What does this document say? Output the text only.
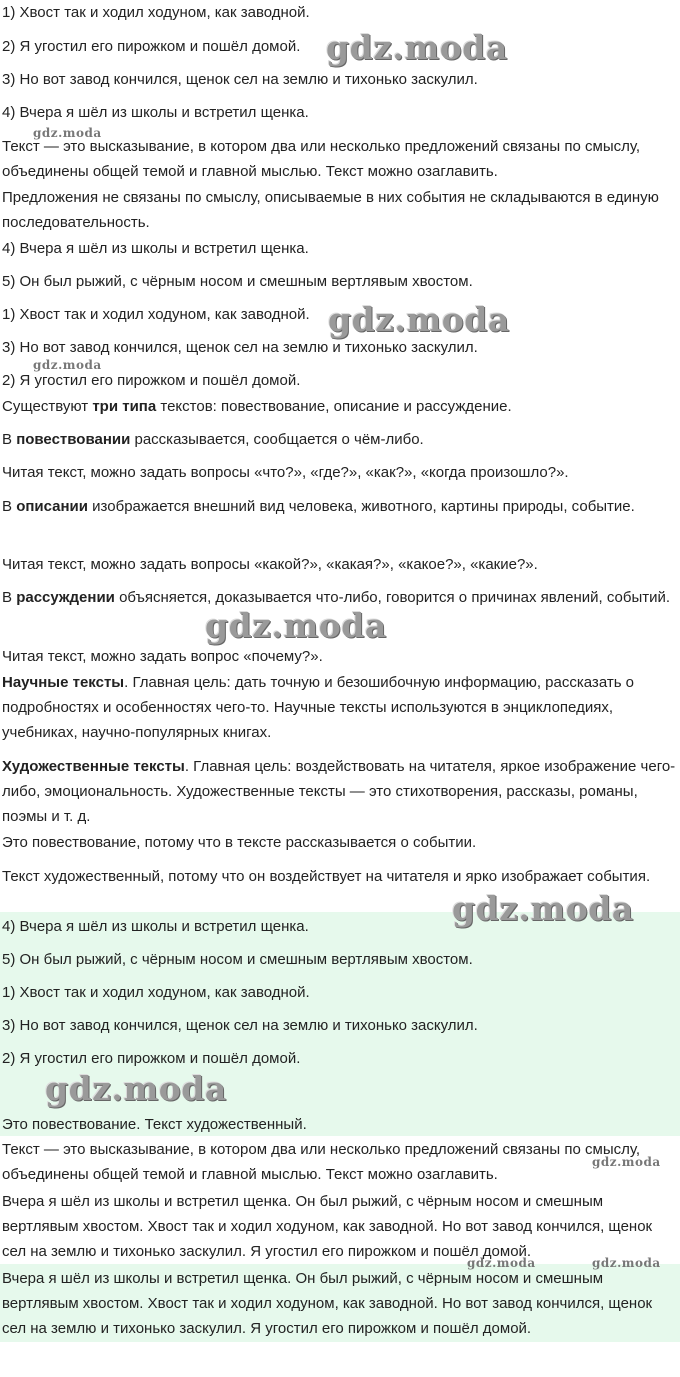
1) Хвост так и ходил ходуном, как заводной.

2) Я угостил его пирожком и пошёл домой.

3) Но вот завод кончился, щенок сел на землю и тихонько заскулил.

4) Вчера я шёл из школы и встретил щенка.

Текст — это высказывание, в котором два или несколько предложений связаны по смыслу, объединены общей темой и главной мыслью. Текст можно озаглавить.

Предложения не связаны по смыслу, описываемые в них события не складываются в единую последовательность.

4) Вчера я шёл из школы и встретил щенка.

5) Он был рыжий, с чёрным носом и смешным вертлявым хвостом.

1) Хвост так и ходил ходуном, как заводной.

3) Но вот завод кончился, щенок сел на землю и тихонько заскулил.

2) Я угостил его пирожком и пошёл домой.

Существуют три типа текстов: повествование, описание и рассуждение.

В повествовании рассказывается, сообщается о чём-либо.

Читая текст, можно задать вопросы «что?», «где?», «как?», «когда произошло?».

В описании изображается внешний вид человека, животного, картины природы, событие.

Читая текст, можно задать вопросы «какой?», «какая?», «какое?», «какие?».

В рассуждении объясняется, доказывается что-либо, говорится о причинах явлений, событий.

Читая текст, можно задать вопрос «почему?».

Научные тексты. Главная цель: дать точную и безошибочную информацию, рассказать о подробностях и особенностях чего-то. Научные тексты используются в энциклопедиях, учебниках, научно-популярных книгах.

Художественные тексты. Главная цель: воздействовать на читателя, яркое изображение чего-либо, эмоциональность. Художественные тексты — это стихотворения, рассказы, романы, поэмы и т. д.

Это повествование, потому что в тексте рассказывается о событии.

Текст художественный, потому что он воздействует на читателя и ярко изображает события.

4) Вчера я шёл из школы и встретил щенка.

5) Он был рыжий, с чёрным носом и смешным вертлявым хвостом.

1) Хвост так и ходил ходуном, как заводной.

3) Но вот завод кончился, щенок сел на землю и тихонько заскулил.

2) Я угостил его пирожком и пошёл домой.

Это повествование. Текст художественный.

Текст — это высказывание, в котором два или несколько предложений связаны по смыслу, объединены общей темой и главной мыслью. Текст можно озаглавить.

Вчера я шёл из школы и встретил щенка. Он был рыжий, с чёрным носом и смешным вертлявым хвостом. Хвост так и ходил ходуном, как заводной. Но вот завод кончился, щенок сел на землю и тихонько заскулил. Я угостил его пирожком и пошёл домой.

Вчера я шёл из школы и встретил щенка. Он был рыжий, с чёрным носом и смешным вертлявым хвостом. Хвост так и ходил ходуном, как заводной. Но вот завод кончился, щенок сел на землю и тихонько заскулил. Я угостил его пирожком и пошёл домой.

gdz.moda
gdz.moda
gdz.moda
gdz.moda
gdz.moda
gdz.moda
gdz.moda
gdz.moda
gdz.moda	gdz.moda
